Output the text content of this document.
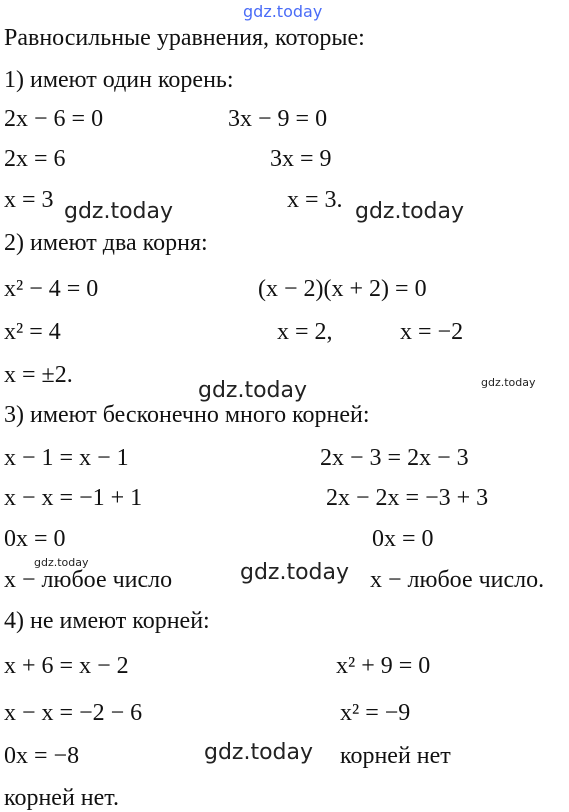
gdz.today
Равносильные уравнения, которые:
1) имеют один корень:
2x − 6 = 0	3x − 9 = 0
2x = 6	3x = 9
x = 3	x = 3.
gdz.today	gdz.today
2) имеют два корня:
x² − 4 = 0	(x − 2)(x + 2) = 0
x² = 4	x = 2,	x = −2
x = ±2.
gdz.today	gdz.today
3) имеют бесконечно много корней:
x − 1 = x − 1	2x − 3 = 2x − 3
x − x = −1 + 1	2x − 2x = −3 + 3
0x = 0	0x = 0
gdz.today
x − любое число	gdz.today x − любое число.
4) не имеют корней:
x + 6 = x − 2	x² + 9 = 0
x − x = −2 − 6	x² = −9
0x = −8	gdz.today корней нет
корней нет.
